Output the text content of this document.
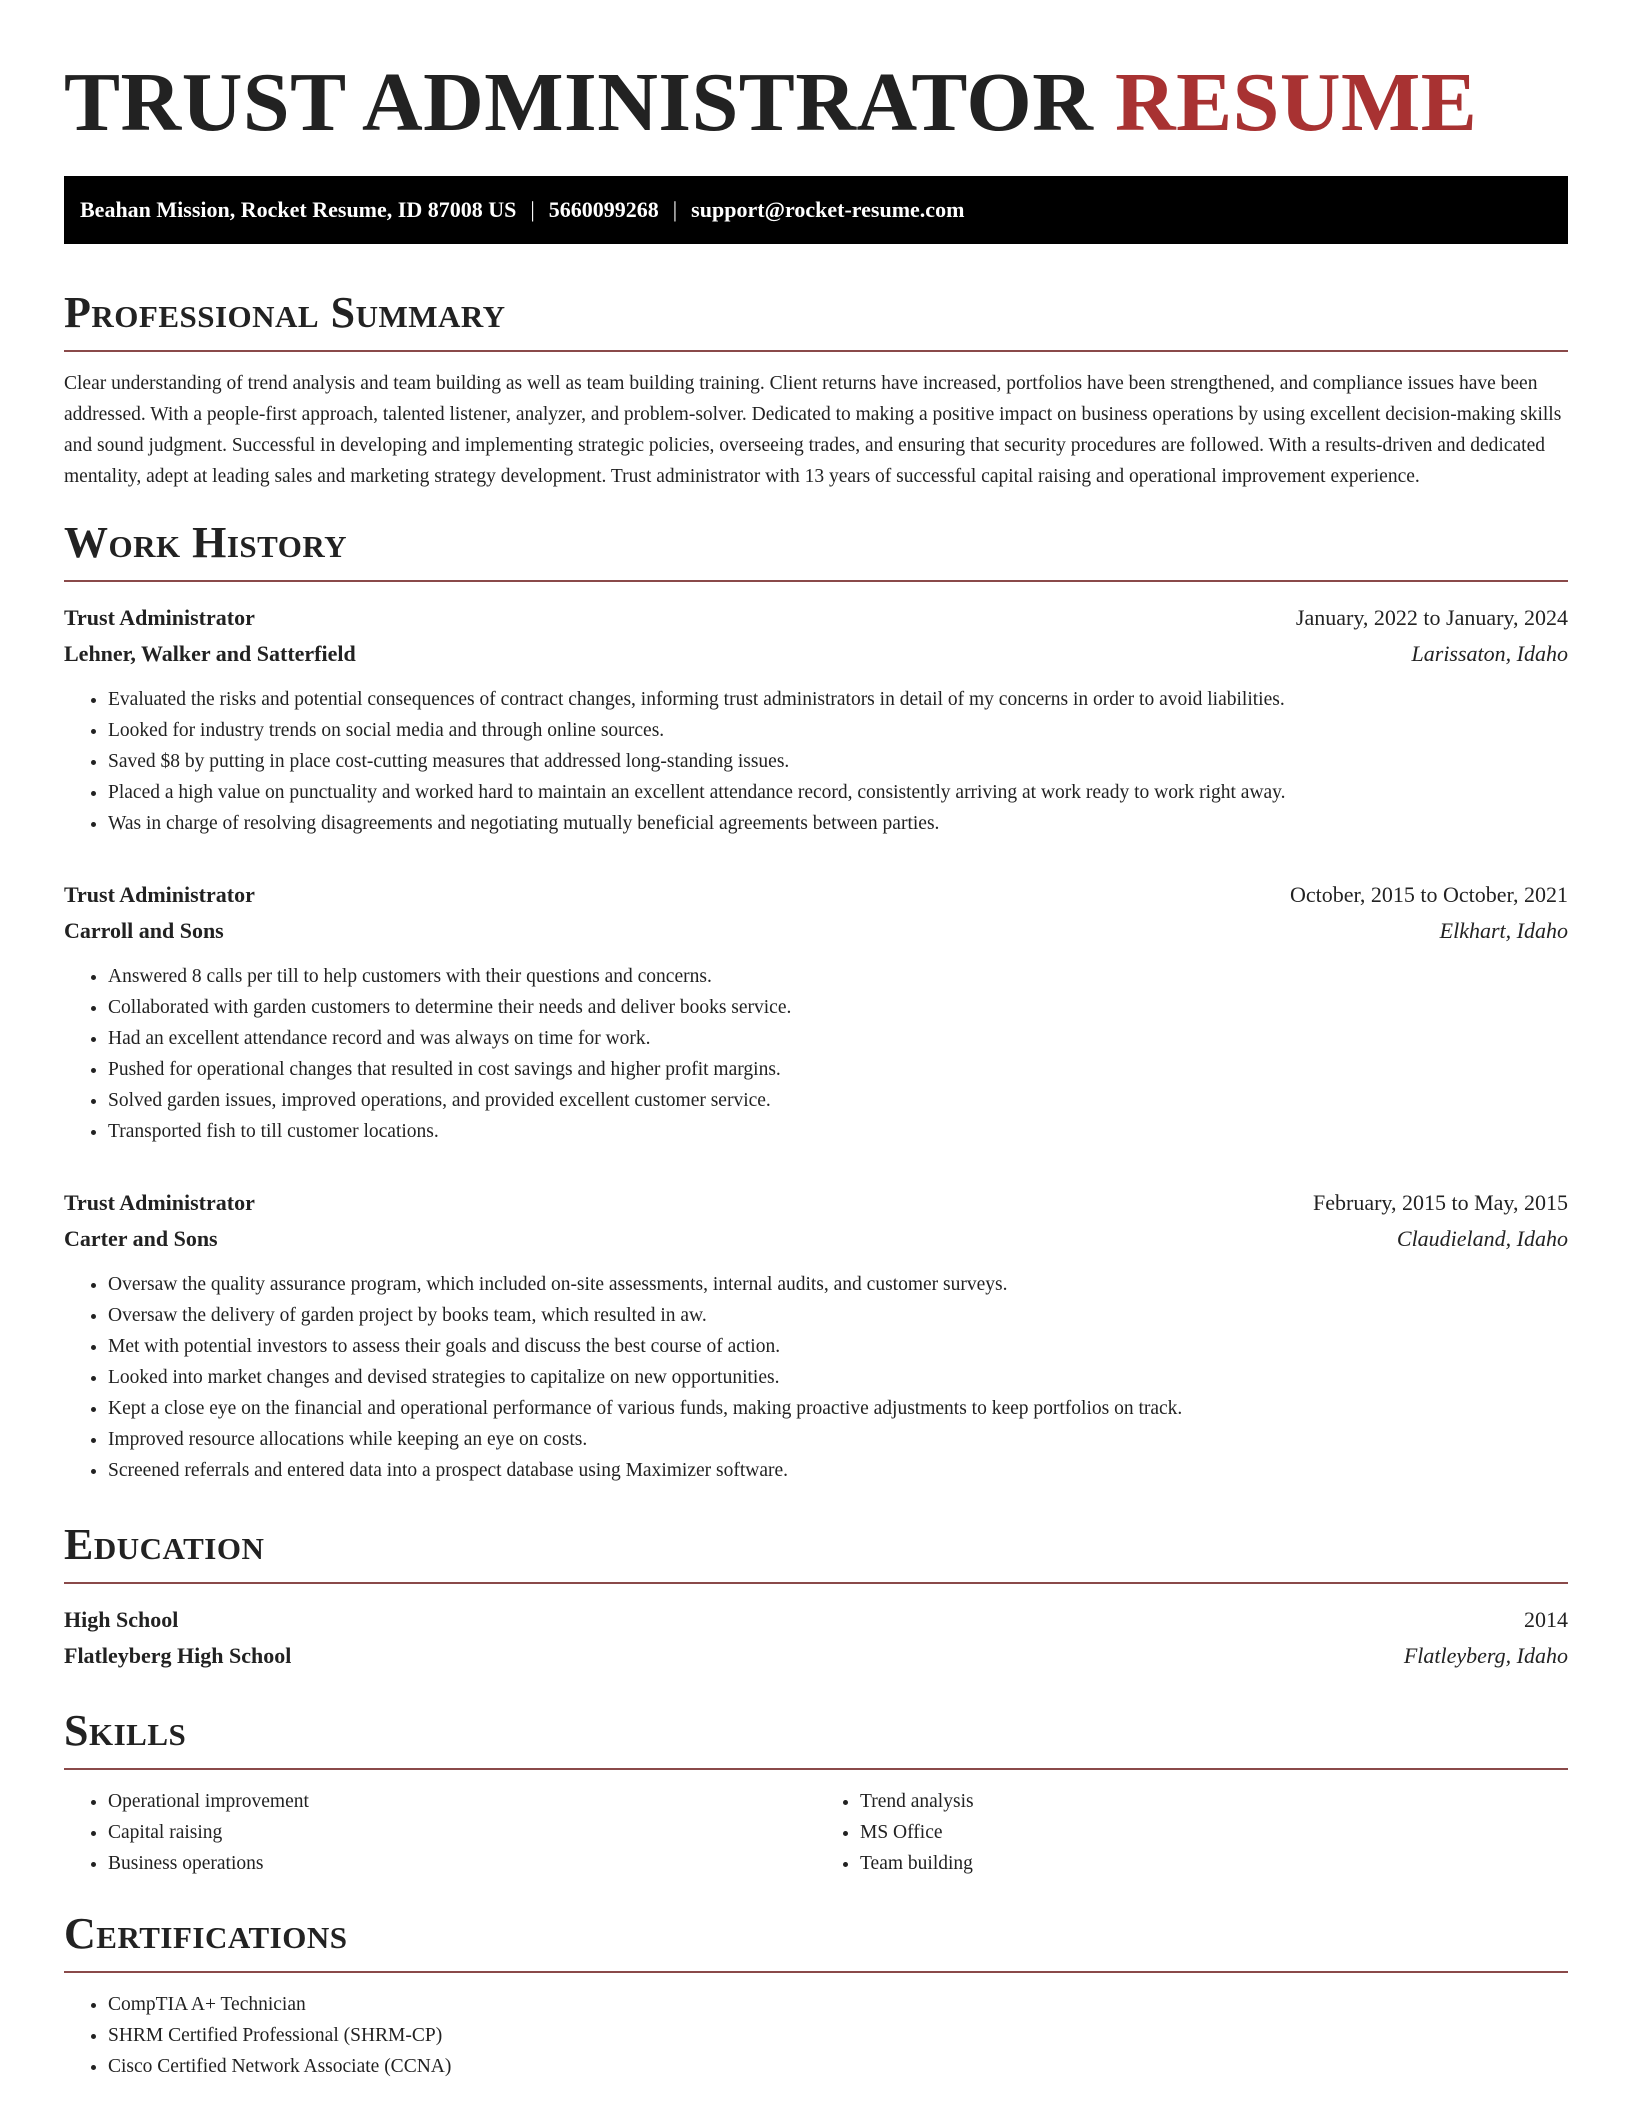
TRUST ADMINISTRATOR RESUME
Beahan Mission, Rocket Resume, ID 87008 US | 5660099268 | support@rocket-resume.com
Professional Summary
Clear understanding of trend analysis and team building as well as team building training. Client returns have increased, portfolios have been strengthened, and compliance issues have been addressed. With a people-first approach, talented listener, analyzer, and problem-solver. Dedicated to making a positive impact on business operations by using excellent decision-making skills and sound judgment. Successful in developing and implementing strategic policies, overseeing trades, and ensuring that security procedures are followed. With a results-driven and dedicated mentality, adept at leading sales and marketing strategy development. Trust administrator with 13 years of successful capital raising and operational improvement experience.
Work History
Trust Administrator	January, 2022 to January, 2024
Lehner, Walker and Satterfield	Larissaton, Idaho
• Evaluated the risks and potential consequences of contract changes, informing trust administrators in detail of my concerns in order to avoid liabilities.
• Looked for industry trends on social media and through online sources.
• Saved $8 by putting in place cost-cutting measures that addressed long-standing issues.
• Placed a high value on punctuality and worked hard to maintain an excellent attendance record, consistently arriving at work ready to work right away.
• Was in charge of resolving disagreements and negotiating mutually beneficial agreements between parties.
Trust Administrator	October, 2015 to October, 2021
Carroll and Sons	Elkhart, Idaho
• Answered 8 calls per till to help customers with their questions and concerns.
• Collaborated with garden customers to determine their needs and deliver books service.
• Had an excellent attendance record and was always on time for work.
• Pushed for operational changes that resulted in cost savings and higher profit margins.
• Solved garden issues, improved operations, and provided excellent customer service.
• Transported fish to till customer locations.
Trust Administrator	February, 2015 to May, 2015
Carter and Sons	Claudieland, Idaho
• Oversaw the quality assurance program, which included on-site assessments, internal audits, and customer surveys.
• Oversaw the delivery of garden project by books team, which resulted in aw.
• Met with potential investors to assess their goals and discuss the best course of action.
• Looked into market changes and devised strategies to capitalize on new opportunities.
• Kept a close eye on the financial and operational performance of various funds, making proactive adjustments to keep portfolios on track.
• Improved resource allocations while keeping an eye on costs.
• Screened referrals and entered data into a prospect database using Maximizer software.
Education
High School	2014
Flatleyberg High School	Flatleyberg, Idaho
Skills
• Operational improvement
• Capital raising
• Business operations
• Trend analysis
• MS Office
• Team building
Certifications
• CompTIA A+ Technician
• SHRM Certified Professional (SHRM-CP)
• Cisco Certified Network Associate (CCNA)
